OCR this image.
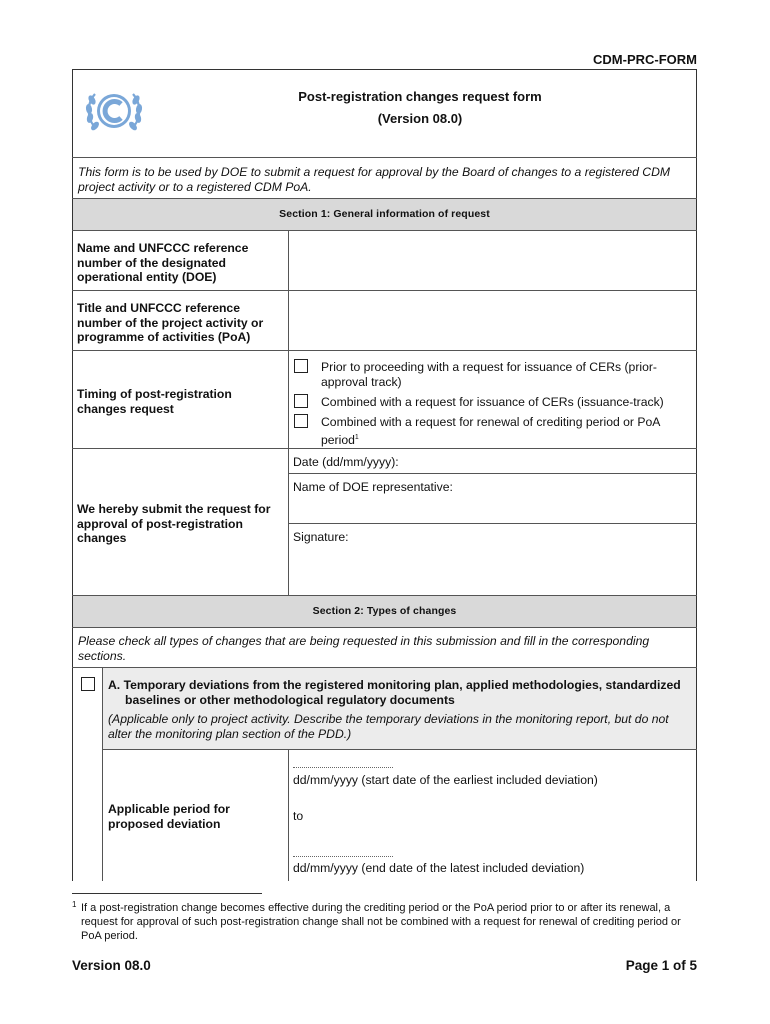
CDM-PRC-FORM
Post-registration changes request form
(Version 08.0)
This form is to be used by DOE to submit a request for approval by the Board of changes to a registered CDM project activity or to a registered CDM PoA.
Section 1: General information of request
Name and UNFCCC reference number of the designated operational entity (DOE)
Title and UNFCCC reference number of the project activity or programme of activities (PoA)
Timing of post-registration changes request
Prior to proceeding with a request for issuance of CERs (prior-approval track)
Combined with a request for issuance of CERs (issuance-track)
Combined with a request for renewal of crediting period or PoA period$^1$
We hereby submit the request for approval of post-registration changes
Date (dd/mm/yyyy):
Name of DOE representative:
Signature:
Section 2: Types of changes
Please check all types of changes that are being requested in this submission and fill in the corresponding sections.
A. Temporary deviations from the registered monitoring plan, applied methodologies, standardized baselines or other methodological regulatory documents
(Applicable only to project activity. Describe the temporary deviations in the monitoring report, but do not alter the monitoring plan section of the PDD.)
Applicable period for proposed deviation
dd/mm/yyyy (start date of the earliest included deviation)
to
dd/mm/yyyy (end date of the latest included deviation)
1 If a post-registration change becomes effective during the crediting period or the PoA period prior to or after its renewal, a request for approval of such post-registration change shall not be combined with a request for renewal of crediting period or PoA period.
Version 08.0	Page 1 of 5
